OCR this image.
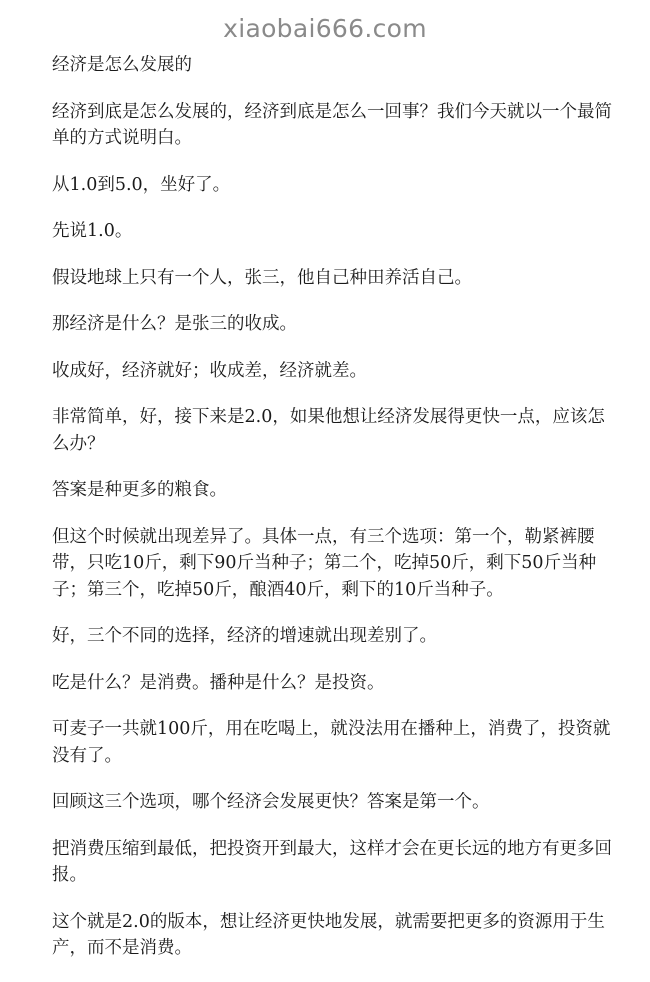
xiaobai666.com

经济是怎么发展的

经济到底是怎么发展的，经济到底是怎么一回事？我们今天就以一个最简单的方式说明白。

从1.0到5.0，坐好了。

先说1.0。

假设地球上只有一个人，张三，他自己种田养活自己。

那经济是什么？是张三的收成。

收成好，经济就好；收成差，经济就差。

非常简单，好，接下来是2.0，如果他想让经济发展得更快一点，应该怎么办？

答案是种更多的粮食。

但这个时候就出现差异了。具体一点，有三个选项：第一个，勒紧裤腰带，只吃10斤，剩下90斤当种子；第二个，吃掉50斤，剩下50斤当种子；第三个，吃掉50斤，酿酒40斤，剩下的10斤当种子。

好，三个不同的选择，经济的增速就出现差别了。

吃是什么？是消费。播种是什么？是投资。

可麦子一共就100斤，用在吃喝上，就没法用在播种上，消费了，投资就没有了。

回顾这三个选项，哪个经济会发展更快？答案是第一个。

把消费压缩到最低，把投资开到最大，这样才会在更长远的地方有更多回报。

这个就是2.0的版本，想让经济更快地发展，就需要把更多的资源用于生产，而不是消费。
